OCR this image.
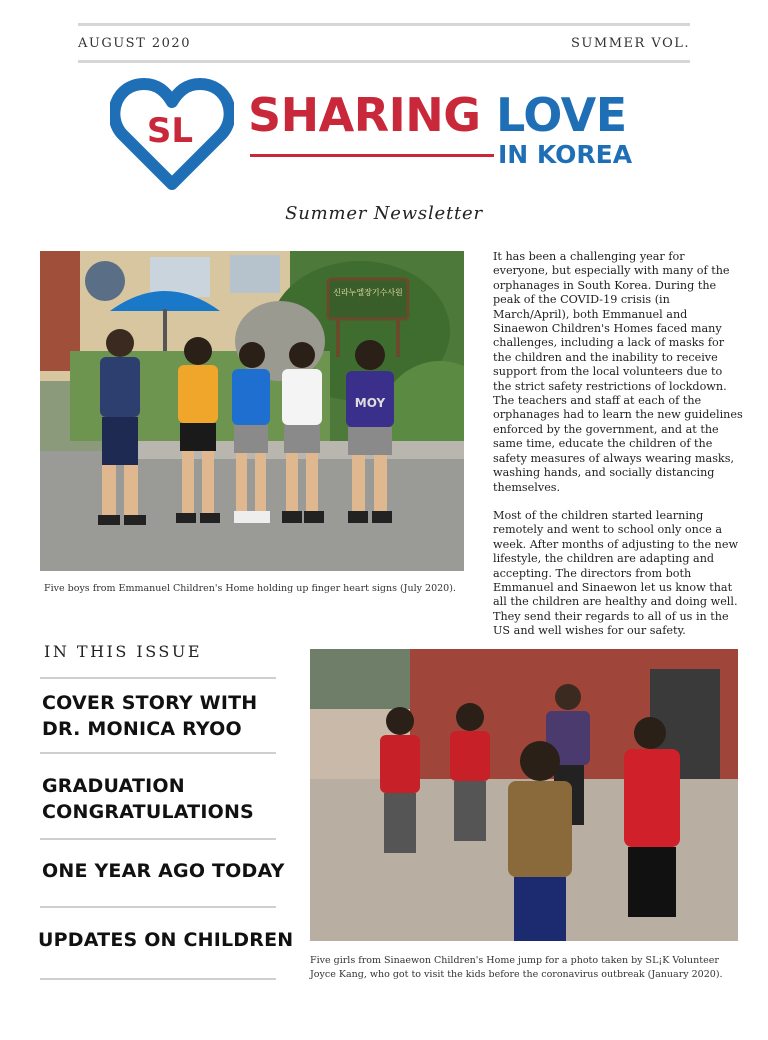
AUGUST 2020	SUMMER VOL.
SL SHARING LOVE
IN KOREA
Summer Newsletter
신라누엘장기수사원
MOY
Five boys from Emmanuel Children's Home holding up finger heart signs (July 2020).

It has been a challenging year for everyone, but especially with many of the orphanages in South Korea. During the peak of the COVID-19 crisis (in March/April), both Emmanuel and Sinaewon Children's Homes faced many challenges, including a lack of masks for the children and the inability to receive support from the local volunteers due to the strict safety restrictions of lockdown. The teachers and staff at each of the orphanages had to learn the new guidelines enforced by the government, and at the same time, educate the children of the safety measures of always wearing masks, washing hands, and socially distancing themselves.

Most of the children started learning remotely and went to school only once a week. After months of adjusting to the new lifestyle, the children are adapting and accepting. The directors from both Emmanuel and Sinaewon let us know that all the children are healthy and doing well. They send their regards to all of us in the US and well wishes for our safety.

IN THIS ISSUE
COVER STORY WITH
DR. MONICA RYOO
GRADUATION
CONGRATULATIONS
ONE YEAR AGO TODAY
UPDATES ON CHILDREN
Five girls from Sinaewon Children's Home jump for a photo taken by SL¡K Volunteer
Joyce Kang, who got to visit the kids before the coronavirus outbreak (January 2020).
